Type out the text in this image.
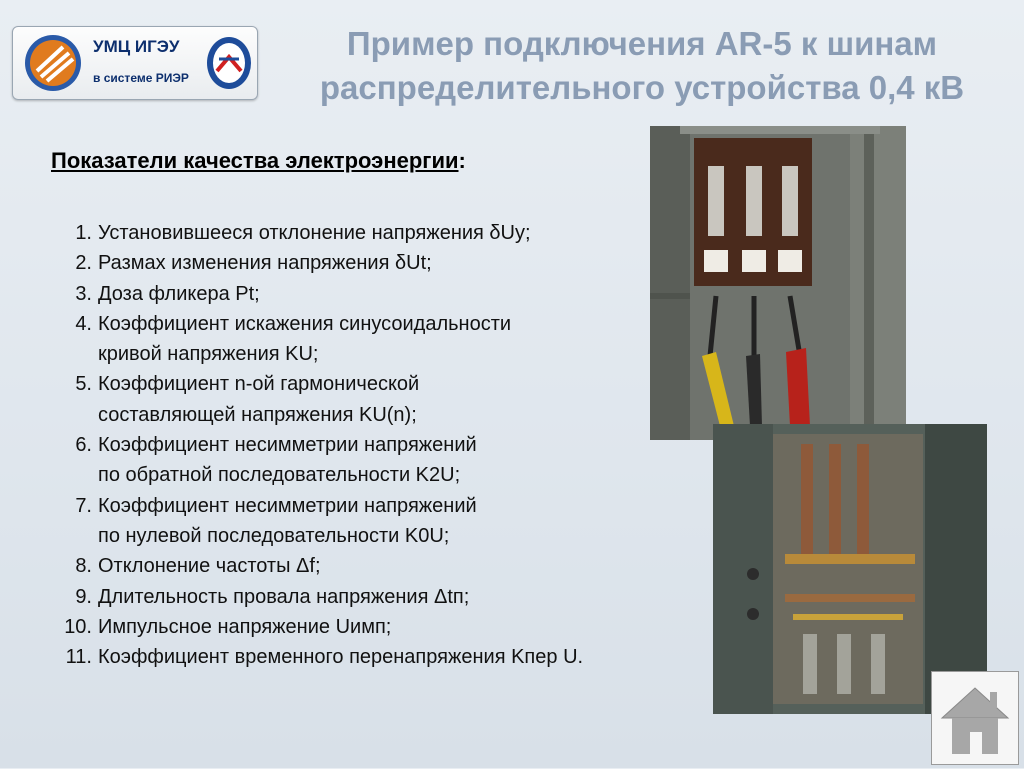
УМЦ ИГЭУ
в системе РИЭР
Пример подключения AR-5 к шинам
распределительного устройства 0,4 кВ
Показатели качества электроэнергии:
1. Установившееся отклонение напряжения δUy;
2. Размах изменения напряжения δUt;
3. Доза фликера Pt;
4. Коэффициент искажения синусоидальности
кривой напряжения KU;
5. Коэффициент n-ой гармонической
составляющей напряжения KU(n);
6. Коэффициент несимметрии напряжений
по обратной последовательности K2U;
7. Коэффициент несимметрии напряжений
по нулевой последовательности K0U;
8. Отклонение частоты Δf;
9. Длительность провала напряжения Δtп;
10. Импульсное напряжение Uимп;
11. Коэффициент временного перенапряжения Kпер U.
